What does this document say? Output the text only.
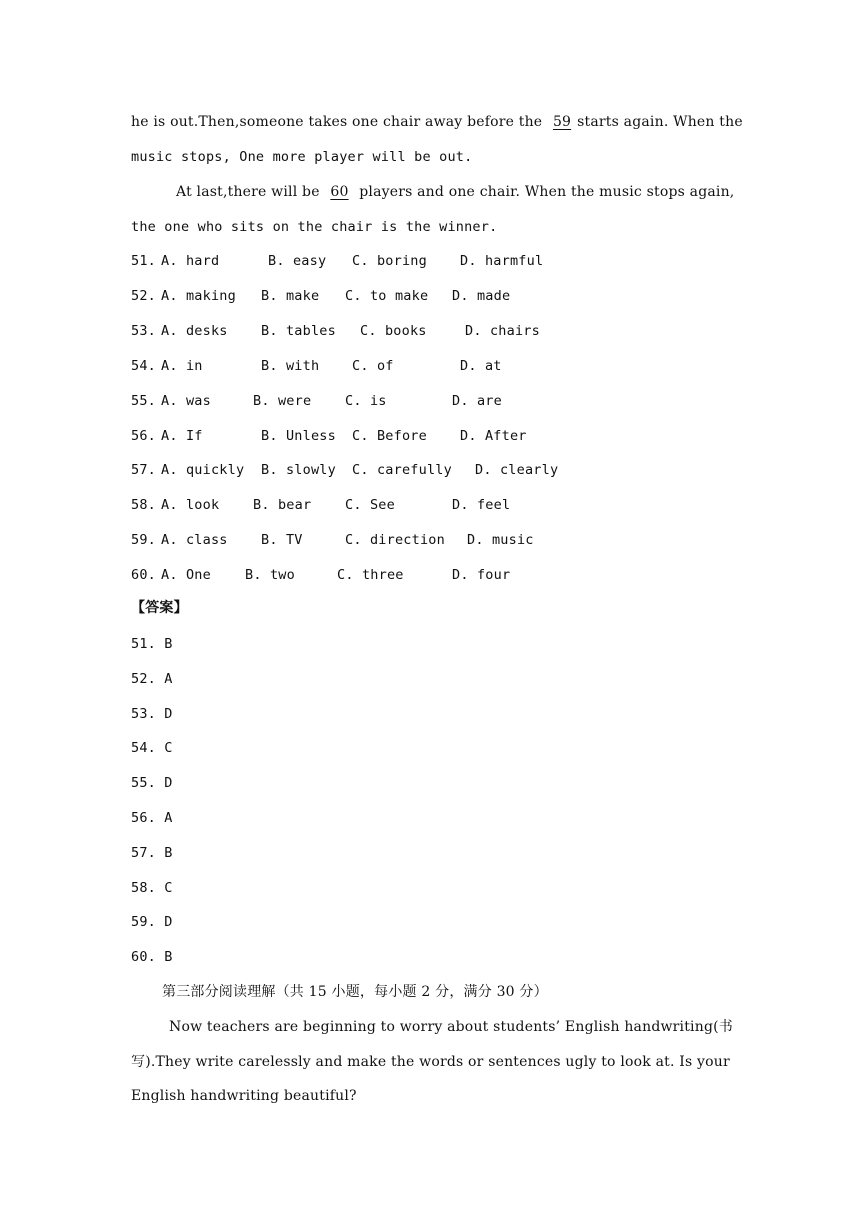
he is out.Then,someone takes one chair away before the 59 starts again. When the
music stops, One more player will be out.
At last,there will be 60 players and one chair. When the music stops again,
the one who sits on the chair is the winner.
51. A. hard	B. easy C. boring D. harmful
52. A. making B. make C. to make D. made
53. A. desks B. tables C. books	D. chairs
54. A. in	B. with C. of	D. at
55. A. was	B. were C. is	D. are
56. A. If	B. Unless C. Before D. After
57. A. quickly B. slowly C. carefully D. clearly
58. A. look B. bear C. See	D. feel
59. A. class B. TV	C. direction D. music
60. A. One	B. two	C. three	D. four
【答案】
51. B
52. A
53. D
54. C
55. D
56. A
57. B
58. C
59. D
60. B
第三部分阅读理解（共 15 小题，每小题 2 分，满分 30 分）
Now teachers are beginning to worry about students’ English handwriting(书
写).They write carelessly and make the words or sentences ugly to look at. Is your
English handwriting beautiful?
